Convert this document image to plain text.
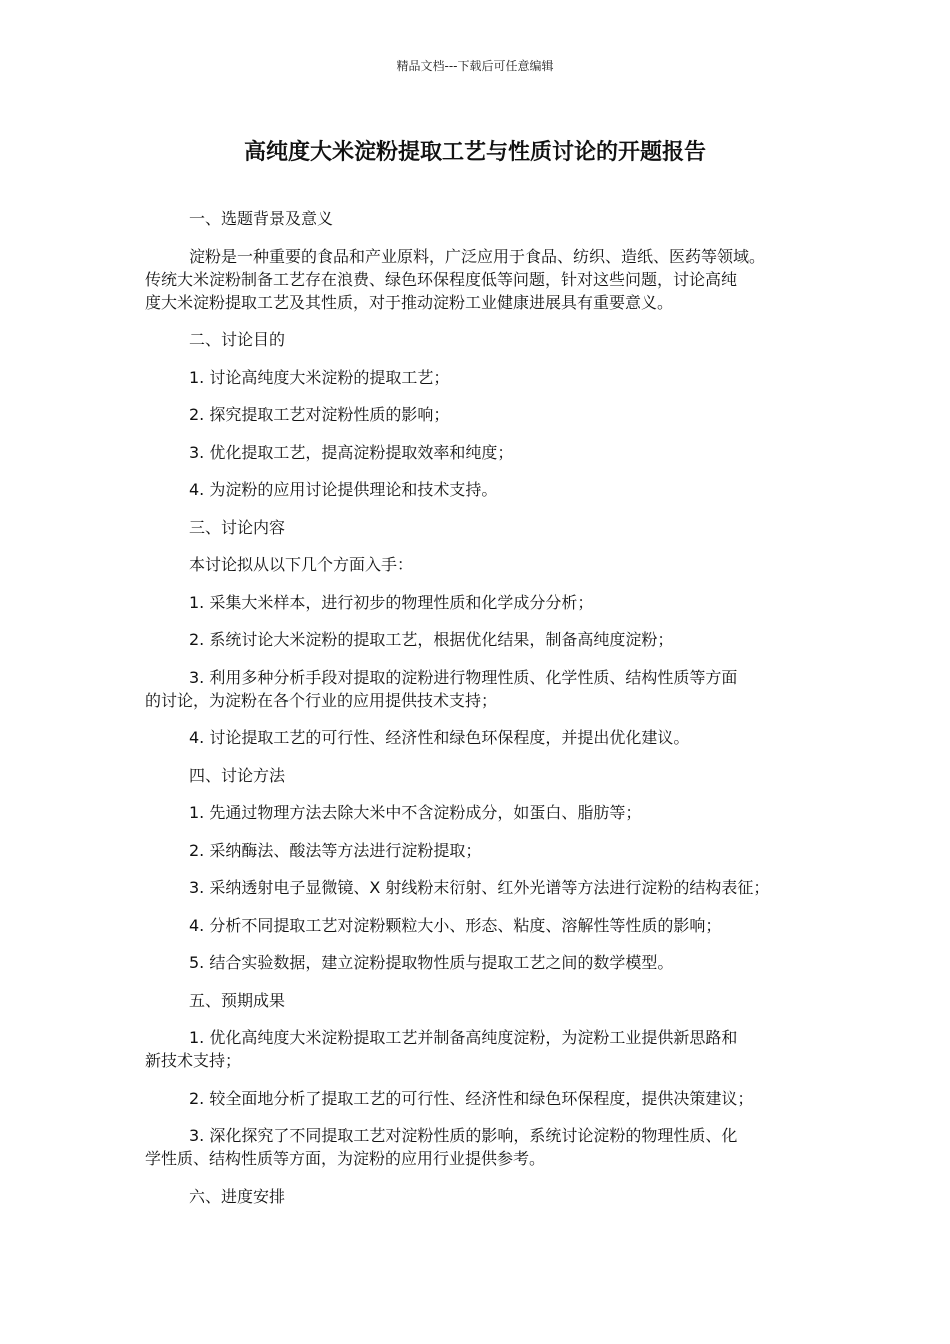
精品文档---下载后可任意编辑
高纯度大米淀粉提取工艺与性质讨论的开题报告

一、选题背景及意义

淀粉是一种重要的食品和产业原料，广泛应用于食品、纺织、造纸、医药等领域。
传统大米淀粉制备工艺存在浪费、绿色环保程度低等问题，针对这些问题，讨论高纯
度大米淀粉提取工艺及其性质，对于推动淀粉工业健康进展具有重要意义。

二、讨论目的

1. 讨论高纯度大米淀粉的提取工艺；

2. 探究提取工艺对淀粉性质的影响；

3. 优化提取工艺，提高淀粉提取效率和纯度；

4. 为淀粉的应用讨论提供理论和技术支持。

三、讨论内容

本讨论拟从以下几个方面入手：

1. 采集大米样本，进行初步的物理性质和化学成分分析；

2. 系统讨论大米淀粉的提取工艺，根据优化结果，制备高纯度淀粉；

3. 利用多种分析手段对提取的淀粉进行物理性质、化学性质、结构性质等方面
的讨论，为淀粉在各个行业的应用提供技术支持；

4. 讨论提取工艺的可行性、经济性和绿色环保程度，并提出优化建议。

四、讨论方法

1. 先通过物理方法去除大米中不含淀粉成分，如蛋白、脂肪等；

2. 采纳酶法、酸法等方法进行淀粉提取；

3. 采纳透射电子显微镜、X 射线粉末衍射、红外光谱等方法进行淀粉的结构表征；

4. 分析不同提取工艺对淀粉颗粒大小、形态、粘度、溶解性等性质的影响；

5. 结合实验数据，建立淀粉提取物性质与提取工艺之间的数学模型。

五、预期成果

1. 优化高纯度大米淀粉提取工艺并制备高纯度淀粉，为淀粉工业提供新思路和
新技术支持；

2. 较全面地分析了提取工艺的可行性、经济性和绿色环保程度，提供决策建议；

3. 深化探究了不同提取工艺对淀粉性质的影响，系统讨论淀粉的物理性质、化
学性质、结构性质等方面，为淀粉的应用行业提供参考。

六、进度安排
